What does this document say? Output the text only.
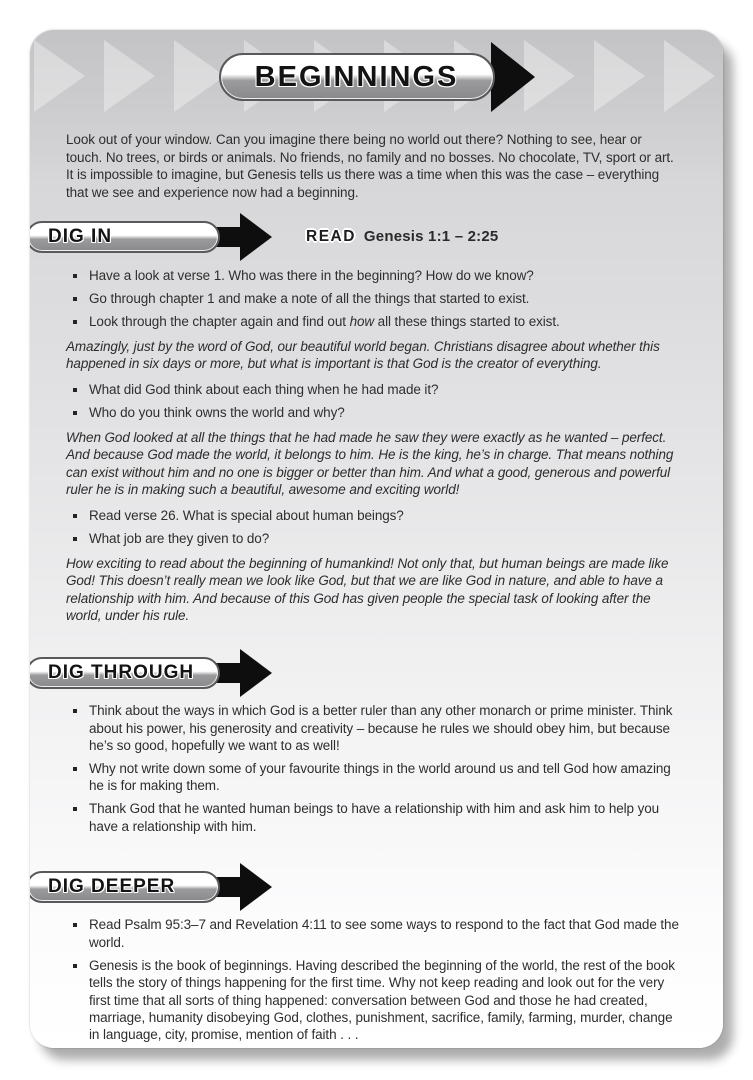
BEGINNINGS

Look out of your window. Can you imagine there being no world out there? Nothing to see, hear or touch. No trees, or birds or animals. No friends, no family and no bosses. No chocolate, TV, sport or art. It is impossible to imagine, but Genesis tells us there was a time when this was the case – everything that we see and experience now had a beginning.

DIG IN	READ Genesis 1:1 – 2:25
Have a look at verse 1. Who was there in the beginning? How do we know?
Go through chapter 1 and make a note of all the things that started to exist.
Look through the chapter again and find out how all these things started to exist.

Amazingly, just by the word of God, our beautiful world began. Christians disagree about whether this happened in six days or more, but what is important is that God is the creator of everything.

What did God think about each thing when he had made it?
Who do you think owns the world and why?

When God looked at all the things that he had made he saw they were exactly as he wanted – perfect. And because God made the world, it belongs to him. He is the king, he’s in charge. That means nothing can exist without him and no one is bigger or better than him. And what a good, generous and powerful ruler he is in making such a beautiful, awesome and exciting world!

Read verse 26. What is special about human beings?
What job are they given to do?

How exciting to read about the beginning of humankind! Not only that, but human beings are made like God! This doesn’t really mean we look like God, but that we are like God in nature, and able to have a relationship with him. And because of this God has given people the special task of looking after the world, under his rule.

DIG THROUGH
Think about the ways in which God is a better ruler than any other monarch or prime minister. Think about his power, his generosity and creativity – because he rules we should obey him, but because he’s so good, hopefully we want to as well!
Why not write down some of your favourite things in the world around us and tell God how amazing he is for making them.
Thank God that he wanted human beings to have a relationship with him and ask him to help you have a relationship with him.
DIG DEEPER
Read Psalm 95:3–7 and Revelation 4:11 to see some ways to respond to the fact that God made the world.
Genesis is the book of beginnings. Having described the beginning of the world, the rest of the book tells the story of things happening for the first time. Why not keep reading and look out for the very first time that all sorts of thing happened: conversation between God and those he had created, marriage, humanity disobeying God, clothes, punishment, sacrifice, family, farming, murder, change in language, city, promise, mention of faith . . .
